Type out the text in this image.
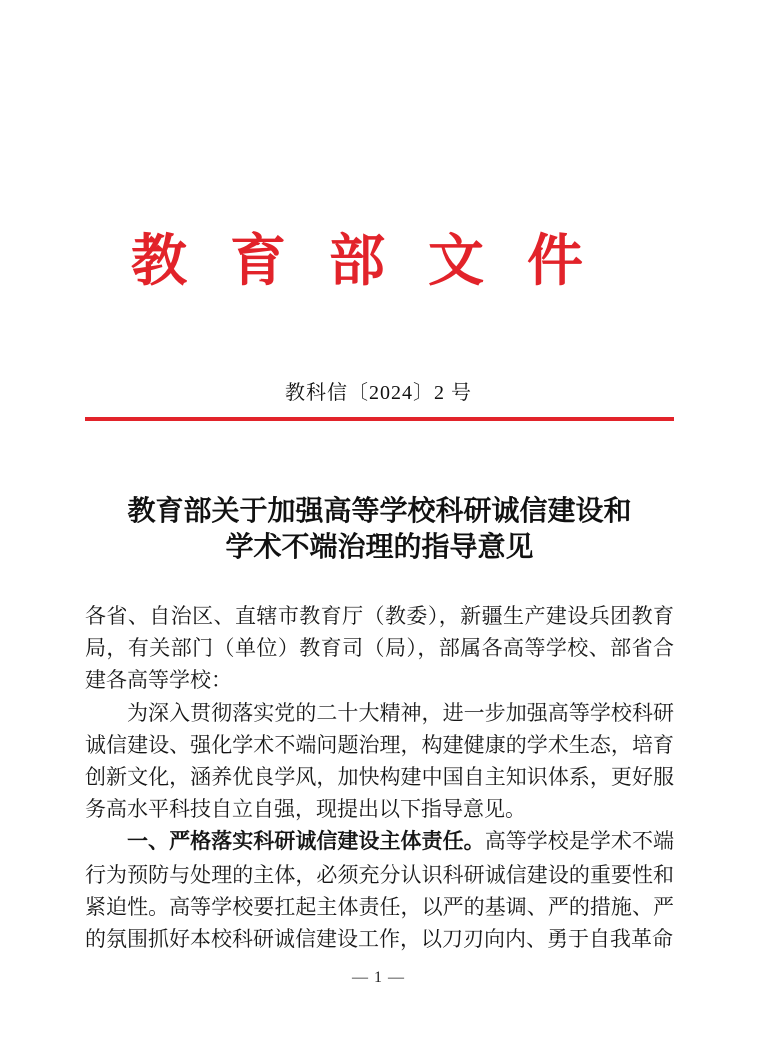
教育部文件
教科信〔2024〕2 号
教育部关于加强高等学校科研诚信建设和
学术不端治理的指导意见

各省、自治区、直辖市教育厅（教委），新疆生产建设兵团教育局，有关部门（单位）教育司（局），部属各高等学校、部省合建各高等学校：

为深入贯彻落实党的二十大精神，进一步加强高等学校科研诚信建设、强化学术不端问题治理，构建健康的学术生态，培育创新文化，涵养优良学风，加快构建中国自主知识体系，更好服务高水平科技自立自强，现提出以下指导意见。

一、严格落实科研诚信建设主体责任。高等学校是学术不端行为预防与处理的主体，必须充分认识科研诚信建设的重要性和紧迫性。高等学校要扛起主体责任，以严的基调、严的措施、严的氛围抓好本校科研诚信建设工作，以刀刃向内、勇于自我革命

— 1 —
